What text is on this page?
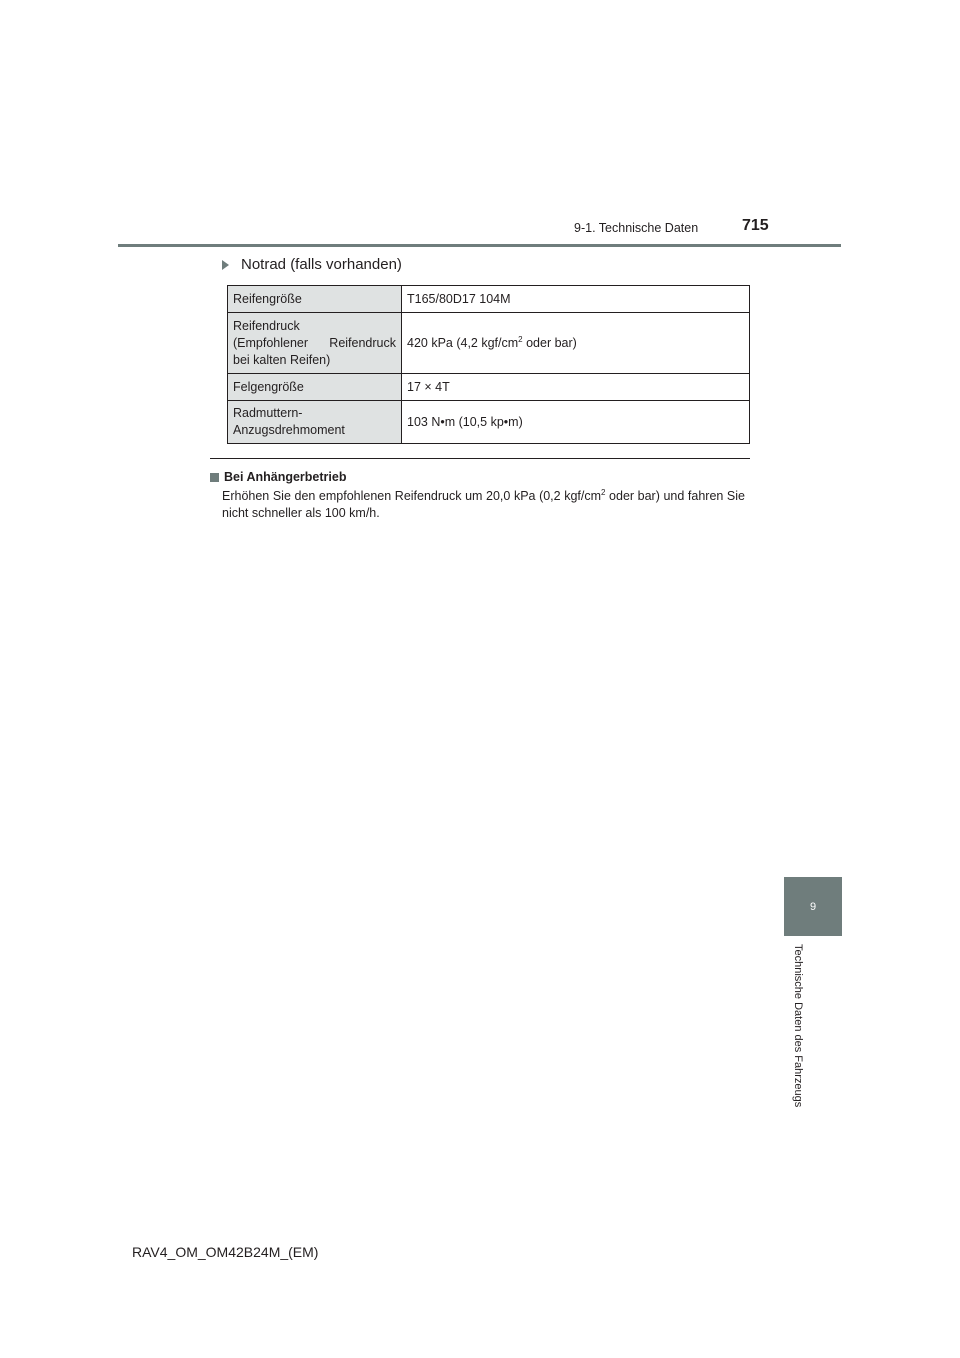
9-1. Technische Daten	715
Notrad (falls vorhanden)
Reifengröße	T165/80D17 104M

Reifendruck
(Empfohlener Reifendruck
bei kalten Reifen)	420 kPa (4,2 kgf/$cm^2$ oder bar)
Felgengröße	17 × 4T

Radmuttern-
Anzugsdrehmoment	103 N•m (10,5 kp•m)
Bei Anhängerbetrieb
Erhöhen Sie den empfohlenen Reifendruck um 20,0 kPa (0,2 kgf/$cm^2$ oder bar) und fahren Sie nicht schneller als 100 km/h.
9
Technische Daten des Fahrzeugs
RAV4_OM_OM42B24M_(EM)
